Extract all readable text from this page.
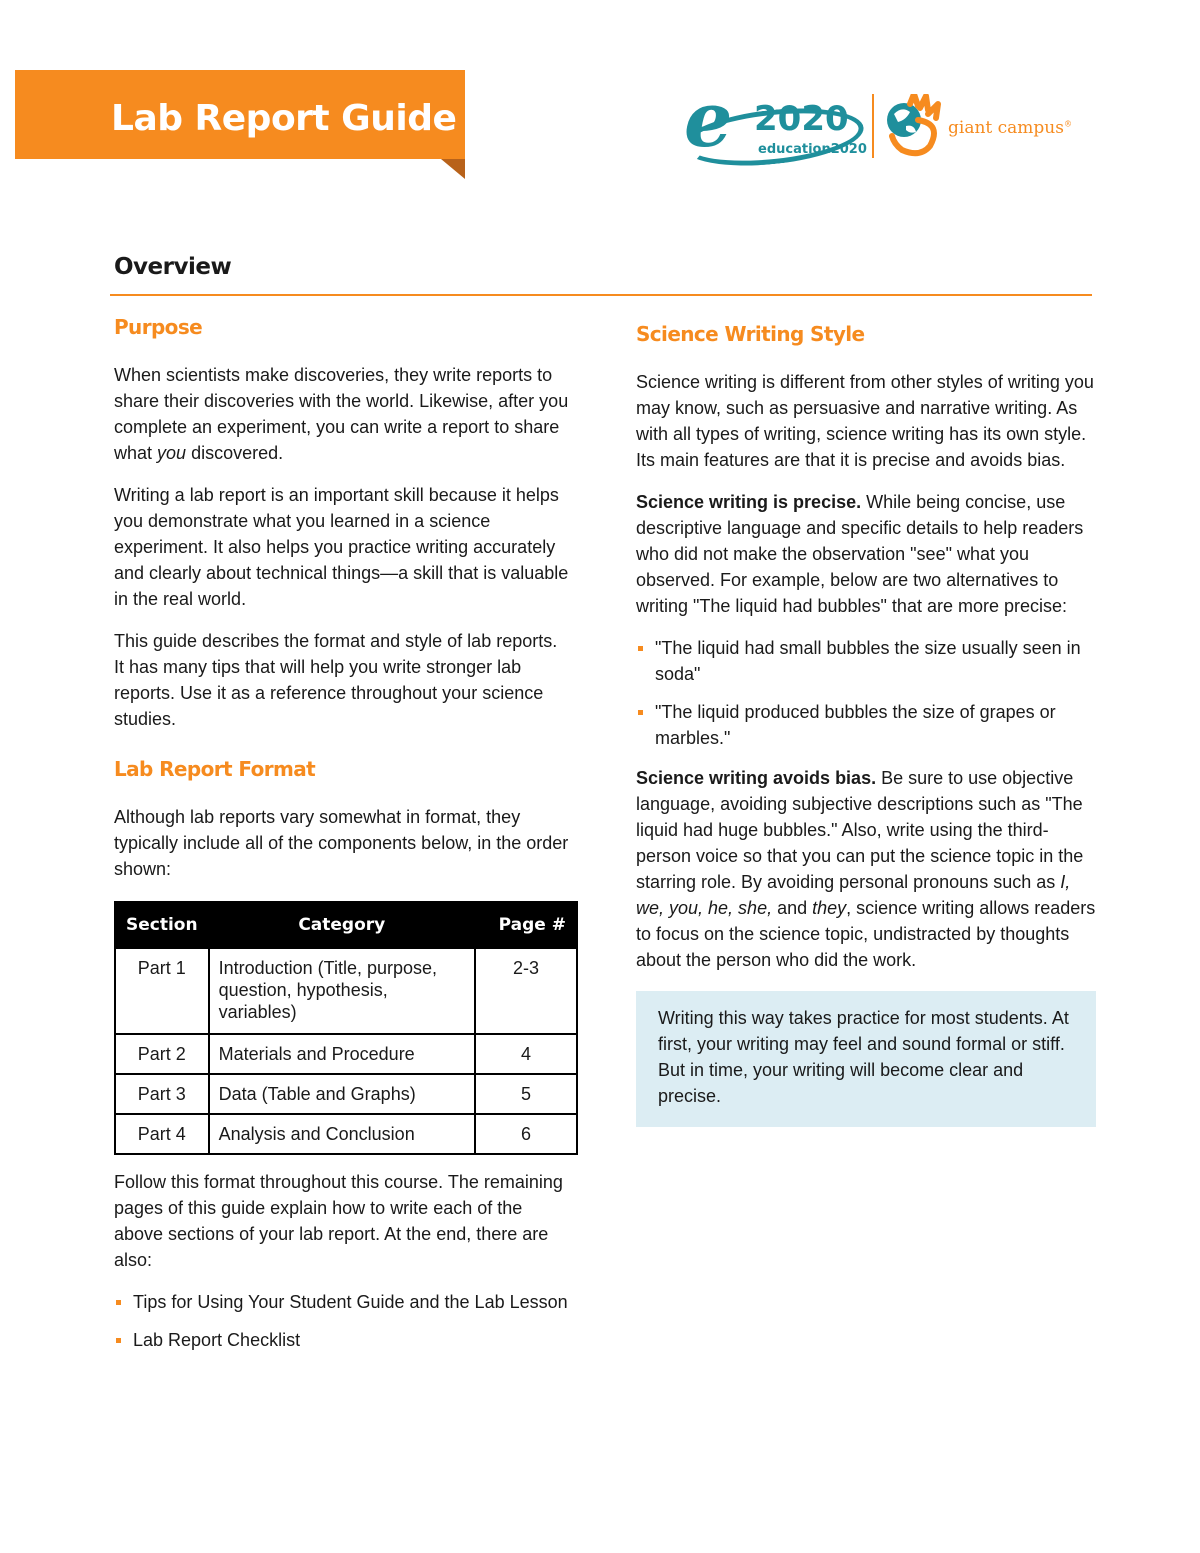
Lab Report Guide	e 2020
education2020
giant campus®
Overview
Purpose

When scientists make discoveries, they write reports to share their discoveries with the world. Likewise, after you complete an experiment, you can write a report to share what you discovered.

Writing a lab report is an important skill because it helps you demonstrate what you learned in a science experiment. It also helps you practice writing accurately and clearly about technical things—a skill that is valuable in the real world.

This guide describes the format and style of lab reports. It has many tips that will help you write stronger lab reports. Use it as a reference throughout your science studies.

Lab Report Format

Although lab reports vary somewhat in format, they typically include all of the components below, in the order shown:

Section	Category	Page #
Part 1	Introduction (Title, purpose, question, hypothesis, variables)	2-3
Part 2	Materials and Procedure	4
Part 3	Data (Table and Graphs)	5
Part 4	Analysis and Conclusion	6

Follow this format throughout this course. The remaining pages of this guide explain how to write each of the above sections of your lab report. At the end, there are also:

Tips for Using Your Student Guide and the Lab Lesson
Lab Report Checklist
Science Writing Style

Science writing is different from other styles of writing you may know, such as persuasive and narrative writing. As with all types of writing, science writing has its own style. Its main features are that it is precise and avoids bias.

Science writing is precise. While being concise, use descriptive language and specific details to help readers who did not make the observation "see" what you observed. For example, below are two alternatives to writing "The liquid had bubbles" that are more precise:

"The liquid had small bubbles the size usually seen in soda"
"The liquid produced bubbles the size of grapes or marbles."

Science writing avoids bias. Be sure to use objective language, avoiding subjective descriptions such as "The liquid had huge bubbles." Also, write using the third-person voice so that you can put the science topic in the starring role. By avoiding personal pronouns such as I, we, you, he, she, and they, science writing allows readers to focus on the science topic, undistracted by thoughts about the person who did the work.

Writing this way takes practice for most students. At first, your writing may feel and sound formal or stiff. But in time, your writing will become clear and precise.
